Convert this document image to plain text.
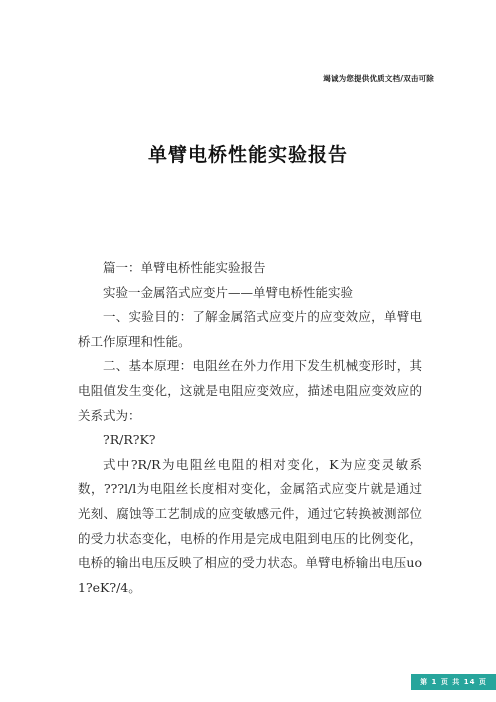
竭诚为您提供优质文档/双击可除
单臂电桥性能实验报告

篇一：单臂电桥性能实验报告

实验一金属箔式应变片——单臂电桥性能实验

一、实验目的：了解金属箔式应变片的应变效应，单臂电桥工作原理和性能。

二、基本原理：电阻丝在外力作用下发生机械变形时，其电阻值发生变化，这就是电阻应变效应，描述电阻应变效应的关系式为：

?R/R?K?

式中?R/R为电阻丝电阻的相对变化，K为应变灵敏系数，???l/l为电阻丝长度相对变化，金属箔式应变片就是通过光刻、腐蚀等工艺制成的应变敏感元件，通过它转换被测部位的受力状态变化，电桥的作用是完成电阻到电压的比例变化，电桥的输出电压反映了相应的受力状态。单臂电桥输出电压uo1?eK?/4。

第 1 页 共 14 页
